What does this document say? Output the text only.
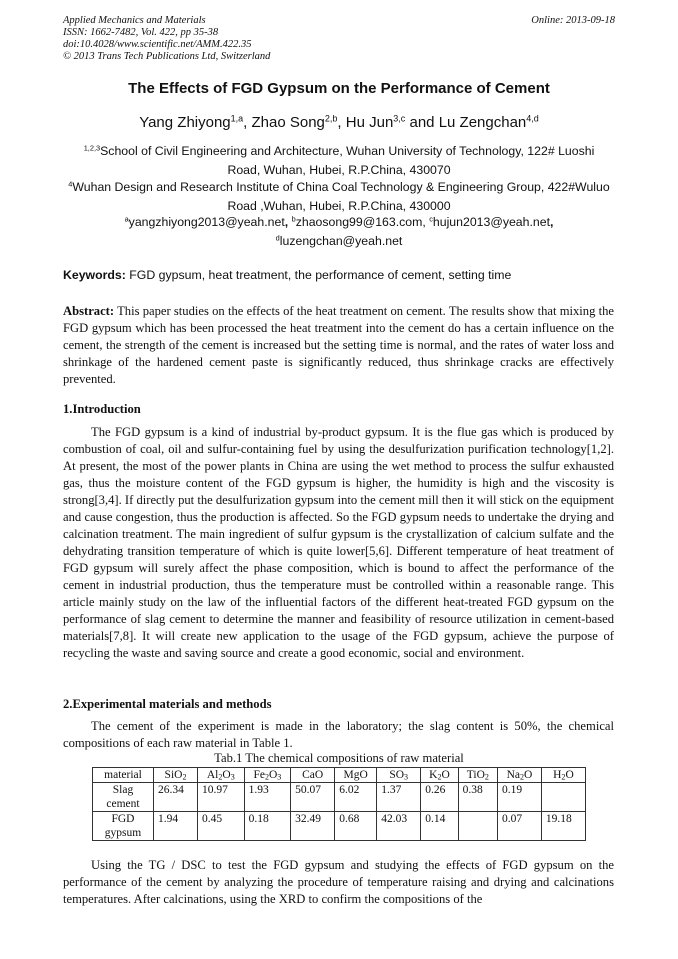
Applied Mechanics and Materials
ISSN: 1662-7482, Vol. 422, pp 35-38
doi:10.4028/www.scientific.net/AMM.422.35
© 2013 Trans Tech Publications Ltd, Switzerland
Online: 2013-09-18
The Effects of FGD Gypsum on the Performance of Cement
Yang Zhiyong$^{1,a}$, Zhao Song$^{2,b}$, Hu Jun$^{3,c}$ and Lu Zengchan$^{4,d}$
$^{1,2,3}$School of Civil Engineering and Architecture, Wuhan University of Technology, 122# Luoshi
Road, Wuhan, Hubei, R.P.China, 430070
$^4$Wuhan Design and Research Institute of China Coal Technology & Engineering Group, 422#Wuluo
Road ,Wuhan, Hubei, R.P.China, 430000
$^a$yangzhiyong2013@yeah.net, $^b$zhaosong99@163.com, $^c$hujun2013@yeah.net,
$^d$luzengchan@yeah.net
Keywords: FGD gypsum, heat treatment, the performance of cement, setting time
Abstract: This paper studies on the effects of the heat treatment on cement. The results show that mixing the FGD gypsum which has been processed the heat treatment into the cement do has a certain influence on the cement, the strength of the cement is increased but the setting time is normal, and the rates of water loss and shrinkage of the hardened cement paste is significantly reduced, thus shrinkage cracks are effectively prevented.
1.Introduction
The FGD gypsum is a kind of industrial by-product gypsum. It is the flue gas which is produced by combustion of coal, oil and sulfur-containing fuel by using the desulfurization purification technology[1,2]. At present, the most of the power plants in China are using the wet method to process the sulfur exhausted gas, thus the moisture content of the FGD gypsum is higher, the humidity is high and the viscosity is strong[3,4]. If directly put the desulfurization gypsum into the cement mill then it will stick on the equipment and cause congestion, thus the production is affected. So the FGD gypsum needs to undertake the drying and calcination treatment. The main ingredient of sulfur gypsum is the crystallization of calcium sulfate and the dehydrating transition temperature of which is quite lower[5,6]. Different temperature of heat treatment of FGD gypsum will surely affect the phase composition, which is bound to affect the performance of the cement in industrial production, thus the temperature must be controlled within a reasonable range. This article mainly study on the law of the influential factors of the different heat-treated FGD gypsum on the performance of slag cement to determine the manner and feasibility of resource utilization in cement-based materials[7,8]. It will create new application to the usage of the FGD gypsum, achieve the purpose of recycling the waste and saving source and create a good economic, social and environment.
2.Experimental materials and methods
The cement of the experiment is made in the laboratory; the slag content is 50%, the chemical compositions of each raw material in Table 1.
Tab.1 The chemical compositions of raw material
material	SiO$_2$	$Al_2O_3$	$Fe_2O_3$	CaO	MgO	$SO_3$	$K_2O$	TiO$_2$	$Na_2O$	$H_2O$
Slag cement	26.34	10.97	1.93	50.07	6.02	1.37	0.26	0.38	0.19	
FGD gypsum	1.94	0.45	0.18	32.49	0.68	42.03	0.14		0.07	19.18
Using the TG / DSC to test the FGD gypsum and studying the effects of FGD gypsum on the performance of the cement by analyzing the procedure of temperature raising and drying and calcinations temperatures. After calcinations, using the XRD to confirm the compositions of the
